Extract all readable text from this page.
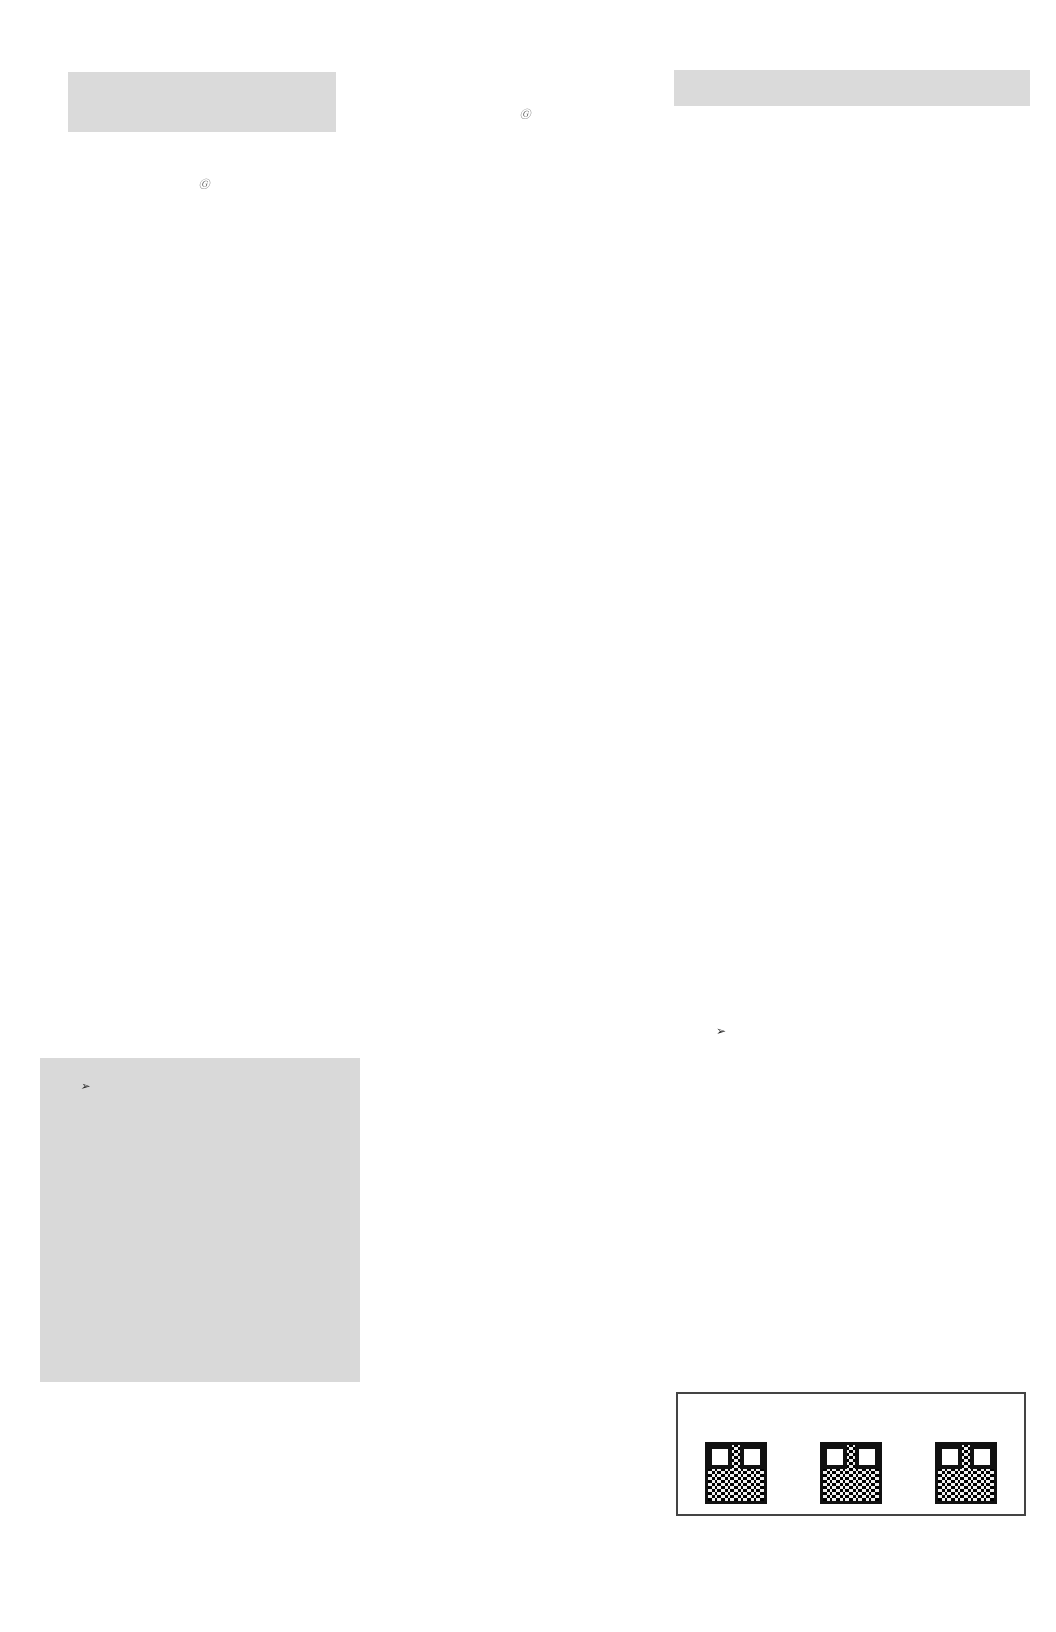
Ⓖ
➢
Ⓖ
➢
